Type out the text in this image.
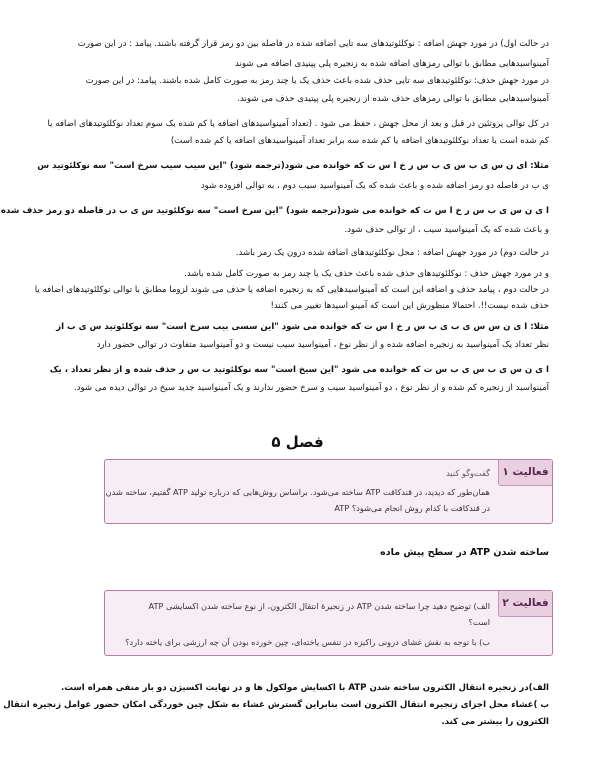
در حالت اول) در مورد جهش اضافه : نوکلئوتیدهای سه تایی اضافه شده در فاصله بین دو رمز قرار گرفته باشند. پیامد : در این صورت
آمینواسیدهایی مطابق با توالی رمزهای اضافه شده به زنجیره پلی پپتیدی اضافه می شوند
در مورد جهش حذف: نوکلئوتیدهای سه تایی حذف شده باعث حذف یک یا چند رمز به صورت کامل شده باشند. پیامد: در این صورت
آمینواسیدهایی مطابق با توالی رمزهای حذف شده از زنجیره پلی پپتیدی حذف می شوند.
در کل توالی پروتئین در قبل و بعد از محل جهش ، حفظ می شود . (تعداد آمینواسیدهای اضافه یا کم شده یک سوم تعداد نوکلئوتیدهای اضافه یا
کم شده است یا تعداد نوکلئوتیدهای اضافه یا کم شده سه برابر تعداد آمینواسیدهای اضافه یا کم شده است)
مثلا: ای ن س ی ب س ی ب س ر خ ا س ت که خوانده می شود(ترجمه شود) "این سیب سیب سرخ است" سه نوکلئوتید س
ی ب در فاصله دو رمز اضافه شده و باعث شده که یک آمینواسید سیب دوم ، به توالی افزوده شود
ا ی ن س ی ب س ر خ ا س ت که خوانده می شود(ترجمه شود) "این سرخ است" سه نوکلئوتید س ی ب در فاصله دو رمز حذف شده
و باعث شده که یک آمینواسید سیب ، از توالی حذف شود.
در حالت دوم) در مورد جهش اضافه : محل نوکلئوتیدهای اضافه شده درون یک رمز باشد.
و در مورد جهش حذف : نوکلئوتیدهای حذف شده باعث حذف یک یا چند رمز به صورت کامل شده باشد.
در حالت دوم ، پیامد حذف و اضافه این است که آمینواسیدهایی که به زنجیره اضافه یا حذف می شوند لزوما مطابق با توالی نوکلئوتیدهای اضافه یا
حذف شده نیست!!. احتمالا منظورش این است که آمینو اسیدها تغییر می کنند!
مثلا: ا ی ن س س ی ب ی ب س ر خ ا س ت که خوانده می شود "این سسی بیب سرخ است" سه نوکلئوتید س ی ب از
نظر تعداد یک آمینواسید به زنجیره اضافه شده و از نظر نوع ، آمینواسید سیب نیست و دو آمینواسید متفاوت در توالی حضور دارد
ا ی ن س ی ب س ی ب س ت که خوانده می شود "این سیخ است" سه نوکلئوتید ب س ر حذف شده و از نظر تعداد ، یک
آمینواسید از زنجیره کم شده و از نظر نوع ، دو آمینواسید سیب و سرخ حضور ندارند و یک آمینواسید جدید سیخ در توالی دیده می شود.
فصل ۵
فعالیت ۱
گفت‌وگو کنید
همان‌طور که دیدید، در قندکافت ATP ساخته می‌شود. براساس روش‌هایی که درباره تولید ATP گفتیم، ساخته شدن
ATP در قندکافت با کدام روش انجام می‌شود؟
ساخته شدن ATP در سطح پیش ماده
فعالیت ۲
الف) توضیح دهید چرا ساخته شدن ATP در زنجیرۀ انتقال الکترون، از نوع ساخته شدن اکسایشی ATP
است؟
ب) با توجه به نقش غشای درونی راکیزه در تنفس یاخته‌ای، چین خورده بودن آن چه ارزشی برای یاخته دارد؟
الف)در زنجیره انتقال الکترون ساخته شدن ATP با اکسایش مولکول ها و در نهایت اکسیژن دو بار منفی همراه است.
ب )غشاء محل اجزای زنجیره انتقال الکترون است بنابراین گسترش غشاء به شکل چین خوردگی امکان حضور عوامل زنجیره انتقال
الکترون را بیشتر می کند.
